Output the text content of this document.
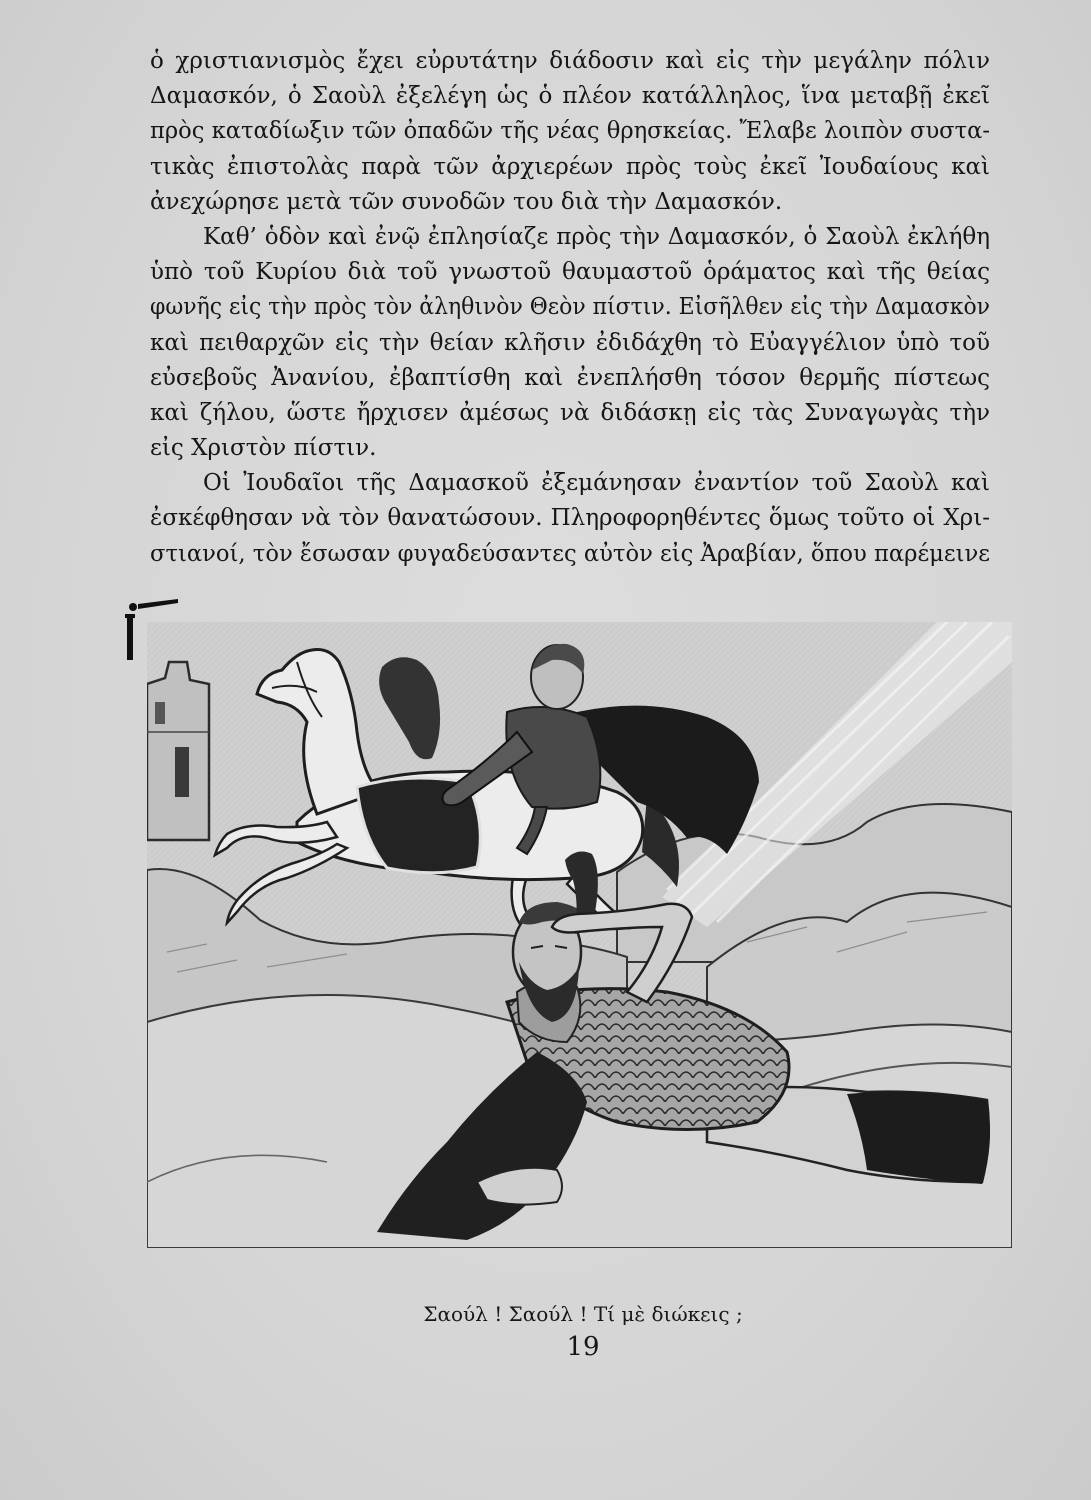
ὁ χριστιανισμὸς ἔχει εὐρυτάτην διάδοσιν καὶ εἰς τὴν μεγάλην πόλιν
Δαμασκόν, ὁ Σαοὺλ ἐξελέγη ὡς ὁ πλέον κατάλληλος, ἵνα μεταβῇ ἐκεῖ
πρὸς καταδίωξιν τῶν ὀπαδῶν τῆς νέας θρησκείας. Ἔλαβε λοιπὸν συστα-
τικὰς ἐπιστολὰς παρὰ τῶν ἀρχιερέων πρὸς τοὺς ἐκεῖ Ἰουδαίους καὶ
ἀνεχώρησε μετὰ τῶν συνοδῶν του διὰ τὴν Δαμασκόν.
Καθ’ ὁδὸν καὶ ἐνῷ ἐπλησίαζε πρὸς τὴν Δαμασκόν, ὁ Σαοὺλ ἐκλήθη
ὑπὸ τοῦ Κυρίου διὰ τοῦ γνωστοῦ θαυμαστοῦ ὁράματος καὶ τῆς θείας
φωνῆς εἰς τὴν πρὸς τὸν ἀληθινὸν Θεὸν πίστιν. Εἰσῆλθεν εἰς τὴν Δαμασκὸν
καὶ πειθαρχῶν εἰς τὴν θείαν κλῆσιν ἐδιδάχθη τὸ Εὐαγγέλιον ὑπὸ τοῦ
εὐσεβοῦς Ἀνανίου, ἐβαπτίσθη καὶ ἐνεπλήσθη τόσον θερμῆς πίστεως
καὶ ζήλου, ὥστε ἤρχισεν ἀμέσως νὰ διδάσκῃ εἰς τὰς Συναγωγὰς τὴν
εἰς Χριστὸν πίστιν.
Οἱ Ἰουδαῖοι τῆς Δαμασκοῦ ἐξεμάνησαν ἐναντίον τοῦ Σαοὺλ καὶ
ἐσκέφθησαν νὰ τὸν θανατώσουν. Πληροφορηθέντες ὅμως τοῦτο οἱ Χρι-
στιανοί, τὸν ἔσωσαν φυγαδεύσαντες αὐτὸν εἰς Ἀραβίαν, ὅπου παρέμεινε
Σαούλ ! Σαούλ ! Τί μὲ διώκεις ;
19
